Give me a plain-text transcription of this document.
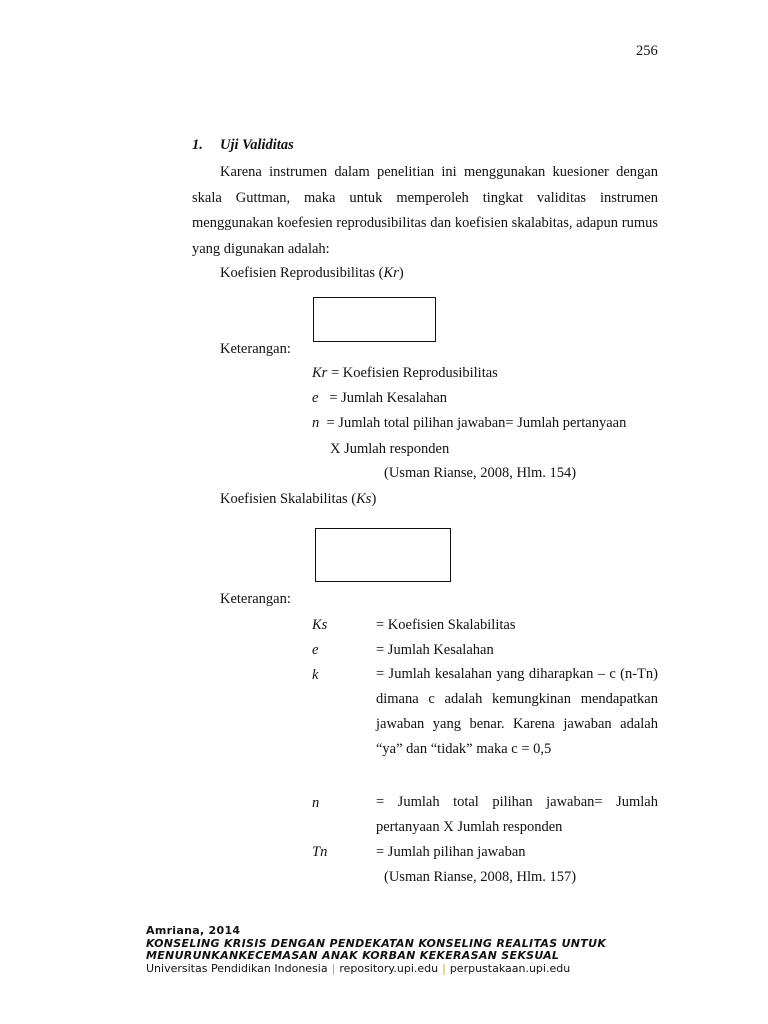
256
1. Uji Validitas
Karena instrumen dalam penelitian ini menggunakan kuesioner dengan skala Guttman, maka untuk memperoleh tingkat validitas instrumen menggunakan koefesien reprodusibilitas dan koefisien skalabitas, adapun rumus yang digunakan adalah:
Koefisien Reprodusibilitas (Kr)
Keterangan:
Kr = Koefisien Reprodusibilitas
e   = Jumlah Kesalahan
n  = Jumlah total pilihan jawaban= Jumlah pertanyaan
X Jumlah responden
(Usman Rianse, 2008, Hlm. 154)
Koefisien Skalabilitas (Ks)
Keterangan:
Ks	= Koefisien Skalabilitas
e	= Jumlah Kesalahan
k	= Jumlah kesalahan yang diharapkan – c (n-Tn) dimana c adalah kemungkinan mendapatkan jawaban yang benar. Karena jawaban adalah “ya” dan “tidak” maka c = 0,5
n	= Jumlah total pilihan jawaban= Jumlah pertanyaan X Jumlah responden
Tn	= Jumlah pilihan jawaban
(Usman Rianse, 2008, Hlm. 157)
Amriana, 2014
KONSELING KRISIS DENGAN PENDEKATAN KONSELING REALITAS UNTUK
MENURUNKANKECEMASAN ANAK KORBAN KEKERASAN SEKSUAL
Universitas Pendidikan Indonesia | repository.upi.edu | perpustakaan.upi.edu
